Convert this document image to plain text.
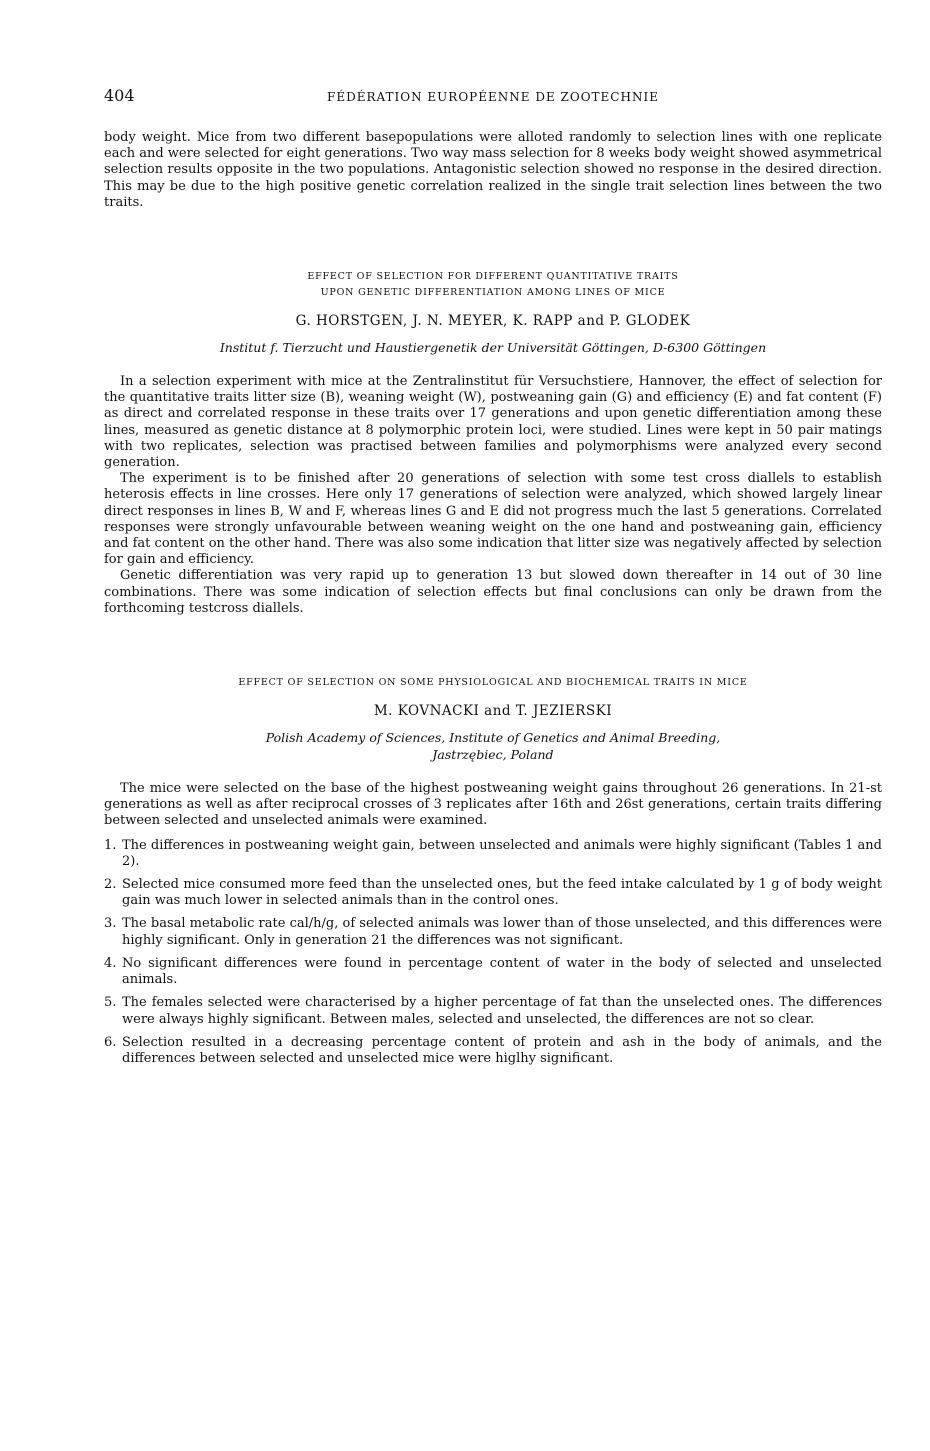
404	FÉDÉRATION EUROPÉENNE DE ZOOTECHNIE

body weight. Mice from two different basepopulations were alloted randomly to selection lines with one replicate each and were selected for eight generations. Two way mass selection for 8 weeks body weight showed asymmetrical selection results opposite in the two populations. Antagonistic selection showed no response in the desired direction. This may be due to the high positive genetic correlation realized in the single trait selection lines between the two traits.

EFFECT OF SELECTION FOR DIFFERENT QUANTITATIVE TRAITS

UPON GENETIC DIFFERENTIATION AMONG LINES OF MICE

G. HORSTGEN, J. N. MEYER, K. RAPP and P. GLODEK
Institut f. Tierzucht und Haustiergenetik der Universität Göttingen, D-6300 Göttingen

In a selection experiment with mice at the Zentralinstitut für Versuchstiere, Hannover, the effect of selection for the quantitative traits litter size (B), weaning weight (W), postweaning gain (G) and efficiency (E) and fat content (F) as direct and correlated response in these traits over 17 generations and upon genetic differentiation among these lines, measured as genetic distance at 8 polymorphic protein loci, were studied. Lines were kept in 50 pair matings with two replicates, selection was practised between families and polymorphisms were analyzed every second generation.

The experiment is to be finished after 20 generations of selection with some test cross diallels to establish heterosis effects in line crosses. Here only 17 generations of selection were analyzed, which showed largely linear direct responses in lines B, W and F, whereas lines G and E did not progress much the last 5 generations. Correlated responses were strongly unfavourable between weaning weight on the one hand and postweaning gain, efficiency and fat content on the other hand. There was also some indication that litter size was negatively affected by selection for gain and efficiency.

Genetic differentiation was very rapid up to generation 13 but slowed down thereafter in 14 out of 30 line combinations. There was some indication of selection effects but final conclusions can only be drawn from the forthcoming testcross diallels.

EFFECT OF SELECTION ON SOME PHYSIOLOGICAL AND BIOCHEMICAL TRAITS IN MICE

M. KOVNACKI and T. JEZIERSKI
Polish Academy of Sciences, Institute of Genetics and Animal Breeding,
Jastrzębiec, Poland

The mice were selected on the base of the highest postweaning weight gains throughout 26 generations. In 21-st generations as well as after reciprocal crosses of 3 replicates after 16th and 26st generations, certain traits differing between selected and unselected animals were examined.

1. The differences in postweaning weight gain, between unselected and animals were highly significant (Tables 1 and 2).
2. Selected mice consumed more feed than the unselected ones, but the feed intake calculated by 1 g of body weight gain was much lower in selected animals than in the control ones.
3. The basal metabolic rate cal/h/g, of selected animals was lower than of those unselected, and this differences were highly significant. Only in generation 21 the differences was not significant.
4. No significant differences were found in percentage content of water in the body of selected and unselected animals.
5. The females selected were characterised by a higher percentage of fat than the unselected ones. The differences were always highly significant. Between males, selected and unselected, the differences are not so clear.
6. Selection resulted in a decreasing percentage content of protein and ash in the body of animals, and the differences between selected and unselected mice were higlhy significant.
